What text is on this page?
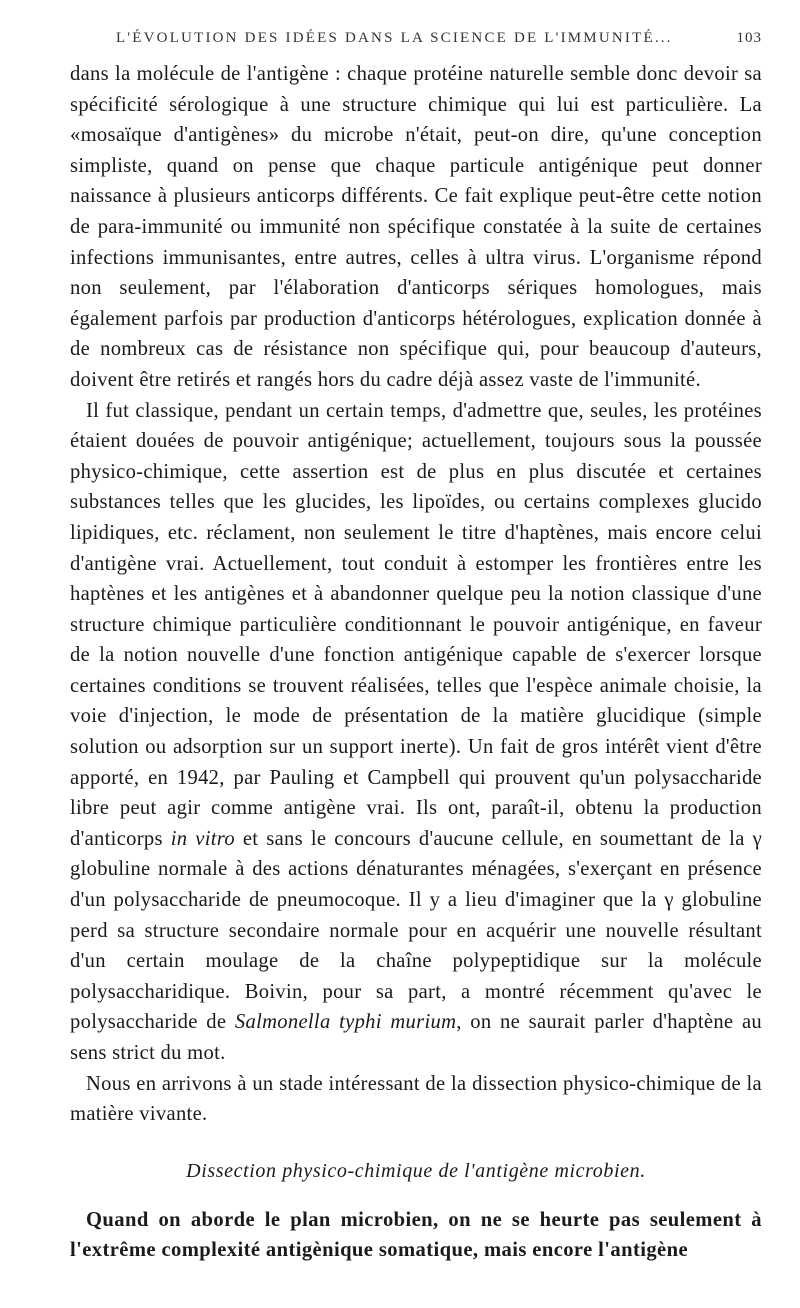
L'ÉVOLUTION DES IDÉES DANS LA SCIENCE DE L'IMMUNITÉ...	103

dans la molécule de l'antigène : chaque protéine naturelle semble donc devoir sa spécificité sérologique à une structure chimique qui lui est particulière. La «mosaïque d'antigènes» du microbe n'était, peut-on dire, qu'une conception simpliste, quand on pense que chaque particule antigénique peut donner naissance à plusieurs anticorps différents. Ce fait explique peut-être cette notion de para-immunité ou immunité non spécifique constatée à la suite de certaines infections immunisantes, entre autres, celles à ultra virus. L'organisme répond non seulement, par l'élaboration d'anticorps sériques homologues, mais également parfois par production d'anticorps hétérologues, explication donnée à de nombreux cas de résistance non spécifique qui, pour beaucoup d'auteurs, doivent être retirés et rangés hors du cadre déjà assez vaste de l'immunité.

Il fut classique, pendant un certain temps, d'admettre que, seules, les protéines étaient douées de pouvoir antigénique; actuellement, toujours sous la poussée physico-chimique, cette assertion est de plus en plus discutée et certaines substances telles que les glucides, les lipoïdes, ou certains complexes glucido lipidiques, etc. réclament, non seulement le titre d'haptènes, mais encore celui d'antigène vrai. Actuellement, tout conduit à estomper les frontières entre les haptènes et les antigènes et à abandonner quelque peu la notion classique d'une structure chimique particulière conditionnant le pouvoir antigénique, en faveur de la notion nouvelle d'une fonction antigénique capable de s'exercer lorsque certaines conditions se trouvent réalisées, telles que l'espèce animale choisie, la voie d'injection, le mode de présentation de la matière glucidique (simple solution ou adsorption sur un support inerte). Un fait de gros intérêt vient d'être apporté, en 1942, par Pauling et Campbell qui prouvent qu'un polysaccharide libre peut agir comme antigène vrai. Ils ont, paraît-il, obtenu la production d'anticorps in vitro et sans le concours d'aucune cellule, en soumettant de la γ globuline normale à des actions dénaturantes ménagées, s'exerçant en présence d'un polysaccharide de pneumocoque. Il y a lieu d'imaginer que la γ globuline perd sa structure secondaire normale pour en acquérir une nouvelle résultant d'un certain moulage de la chaîne polypeptidique sur la molécule polysaccharidique. Boivin, pour sa part, a montré récemment qu'avec le polysaccharide de Salmonella typhi murium, on ne saurait parler d'haptène au sens strict du mot.

Nous en arrivons à un stade intéressant de la dissection physico-chimique de la matière vivante.

Dissection physico-chimique de l'antigène microbien.

Quand on aborde le plan microbien, on ne se heurte pas seulement à l'extrême complexité antigènique somatique, mais encore l'antigène
